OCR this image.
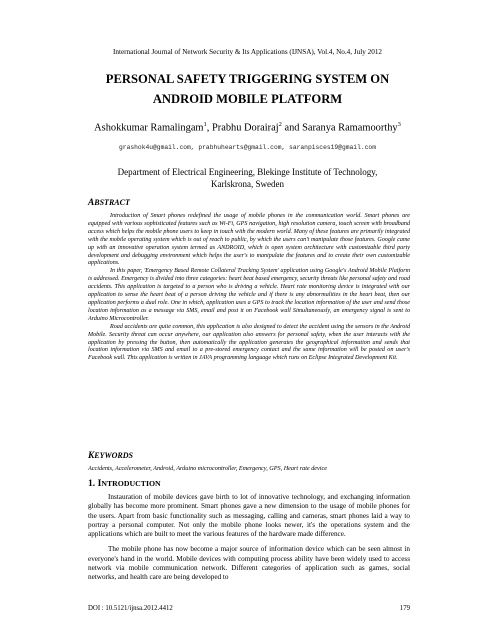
International Journal of Network Security & Its Applications (IJNSA), Vol.4, No.4, July 2012
PERSONAL SAFETY TRIGGERING SYSTEM ON
ANDROID MOBILE PLATFORM
Ashokkumar Ramalingam$^1$, Prabhu Dorairaj$^2$ and Saranya Ramamoorthy$^3$
grashok4u@gmail.com, prabhuhearts@gmail.com, saranpisces19@gmail.com
Department of Electrical Engineering, Blekinge Institute of Technology,
Karlskrona, Sweden
ABSTRACT

Introduction of Smart phones redefined the usage of mobile phones in the communication world. Smart phones are equipped with various sophisticated features such as Wi-Fi, GPS navigation, high resolution camera, touch screen with broadband access which helps the mobile phone users to keep in touch with the modern world. Many of these features are primarily integrated with the mobile operating system which is out of reach to public, by which the users can't manipulate those features. Google came up with an innovative operation system termed as ANDROID, which is open system architecture with customizable third party development and debugging environment which helps the user's to manipulate the features and to create their own customizable applications.

In this paper, 'Emergency Based Remote Collateral Tracking System' application using Google's Android Mobile Platform is addressed. Emergency is divided into three categories: heart beat based emergency, security threats like personal safety and road accidents. This application is targeted to a person who is driving a vehicle. Heart rate monitoring device is integrated with our application to sense the heart beat of a person driving the vehicle and if there is any abnormalities in the heart beat, then our application performs a dual role. One in which, application uses a GPS to track the location information of the user and send those location information as a message via SMS, email and post it on Facebook wall Simultaneously, an emergency signal is sent to Arduino Microcontroller.

Road accidents are quite common, this application is also designed to detect the accident using the sensors in the Android Mobile. Security threat can occur anywhere, our application also answers for personal safety, when the user interacts with the application by pressing the button, then automatically the application generates the geographical information and sends that location information via SMS and email to a pre-stored emergency contact and the same information will be posted on user's Facebook wall. This application is written in JAVA programming language which runs on Eclipse Integrated Development Kit.

KEYWORDS
Accidents, Accelerometer, Android, Arduino microcontroller, Emergency, GPS, Heart rate device
1. INTRODUCTION

Instauration of mobile devices gave birth to lot of innovative technology, and exchanging information globally has become more prominent. Smart phones gave a new dimension to the usage of mobile phones for the users. Apart from basic functionality such as messaging, calling and cameras, smart phones laid a way to portray a personal computer. Not only the mobile phone looks newer, it's the operations system and the applications which are built to meet the various features of the hardware made difference.

The mobile phone has now become a major source of information device which can be seen almost in everyone's hand in the world. Mobile devices with computing process ability have been widely used to access network via mobile communication network. Different categories of application such as games, social networks, and health care are being developed to

DOI : 10.5121/ijnsa.2012.4412	179
